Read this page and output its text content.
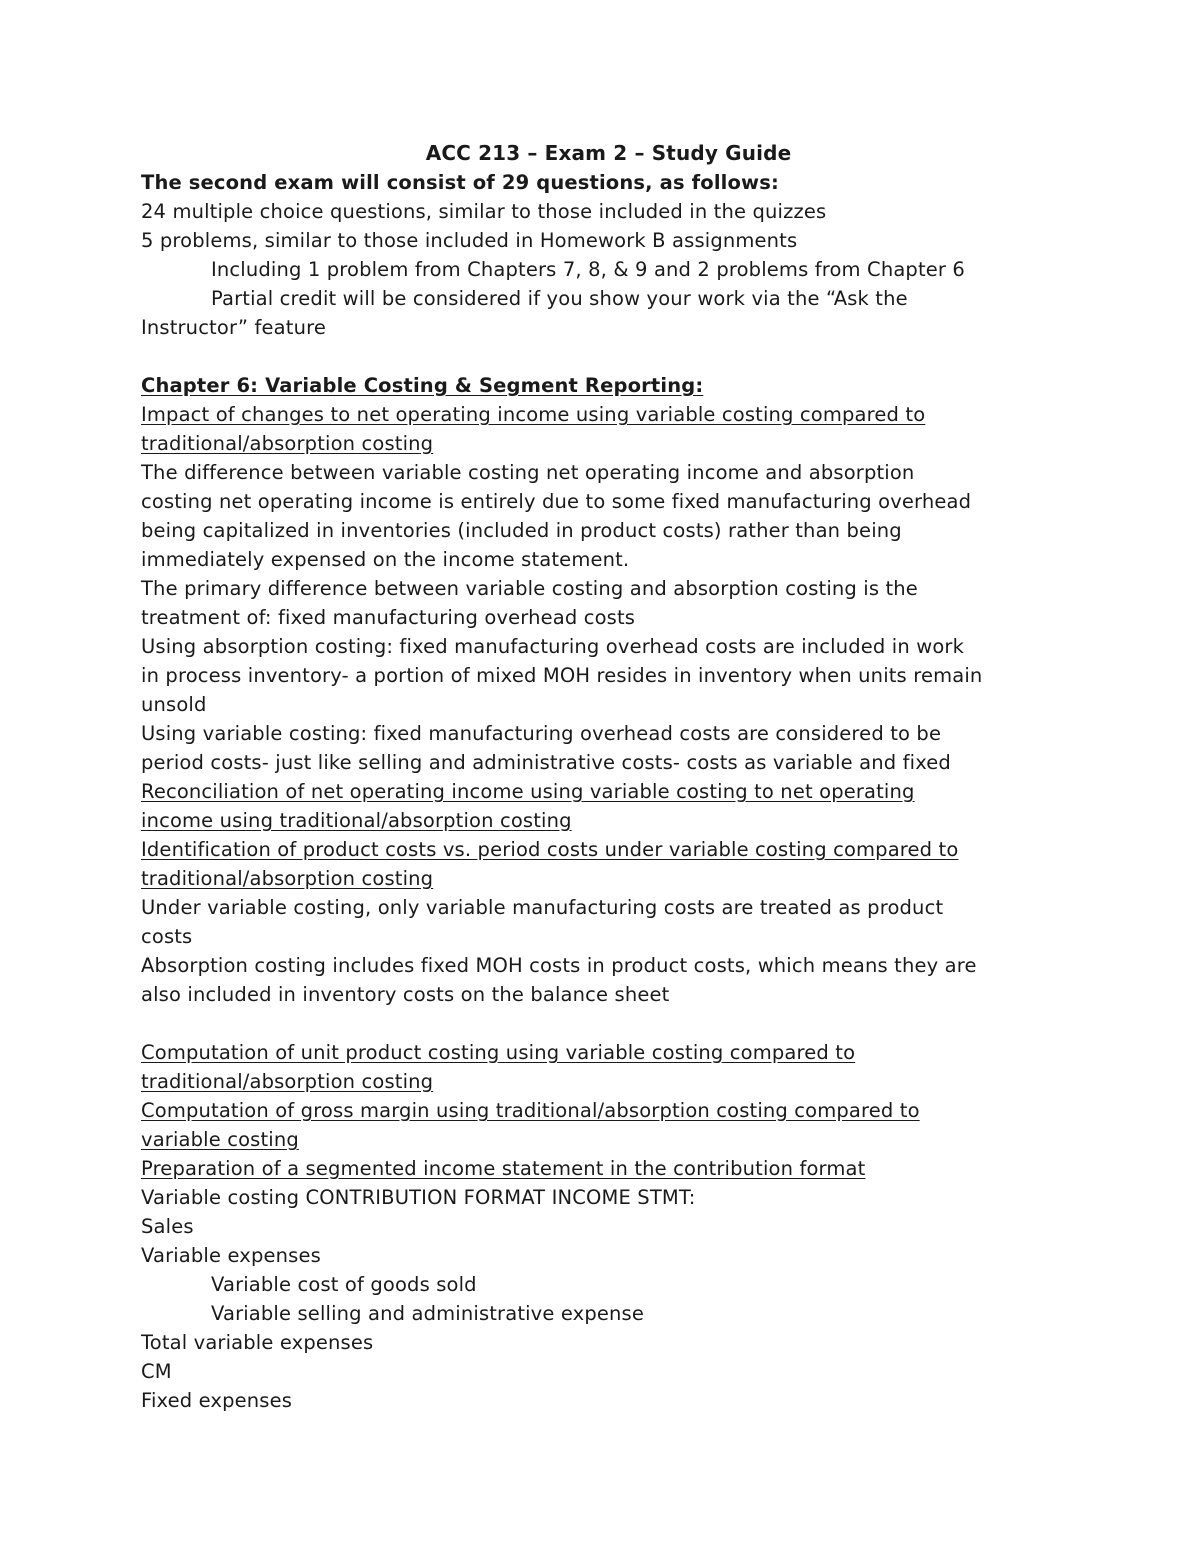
ACC 213 – Exam 2 – Study Guide
The second exam will consist of 29 questions, as follows:
24 multiple choice questions, similar to those included in the quizzes
5 problems, similar to those included in Homework B assignments
Including 1 problem from Chapters 7, 8, & 9 and 2 problems from Chapter 6
Partial credit will be considered if you show your work via the “Ask the
Instructor” feature
Chapter 6: Variable Costing & Segment Reporting:
Impact of changes to net operating income using variable costing compared to
traditional/absorption costing
The difference between variable costing net operating income and absorption
costing net operating income is entirely due to some fixed manufacturing overhead
being capitalized in inventories (included in product costs) rather than being
immediately expensed on the income statement.
The primary difference between variable costing and absorption costing is the
treatment of: fixed manufacturing overhead costs
Using absorption costing: fixed manufacturing overhead costs are included in work
in process inventory- a portion of mixed MOH resides in inventory when units remain
unsold
Using variable costing: fixed manufacturing overhead costs are considered to be
period costs- just like selling and administrative costs- costs as variable and fixed
Reconciliation of net operating income using variable costing to net operating
income using traditional/absorption costing
Identification of product costs vs. period costs under variable costing compared to
traditional/absorption costing
Under variable costing, only variable manufacturing costs are treated as product
costs
Absorption costing includes fixed MOH costs in product costs, which means they are
also included in inventory costs on the balance sheet
Computation of unit product costing using variable costing compared to
traditional/absorption costing
Computation of gross margin using traditional/absorption costing compared to
variable costing
Preparation of a segmented income statement in the contribution format
Variable costing CONTRIBUTION FORMAT INCOME STMT:
Sales
Variable expenses
Variable cost of goods sold
Variable selling and administrative expense
Total variable expenses
CM
Fixed expenses
